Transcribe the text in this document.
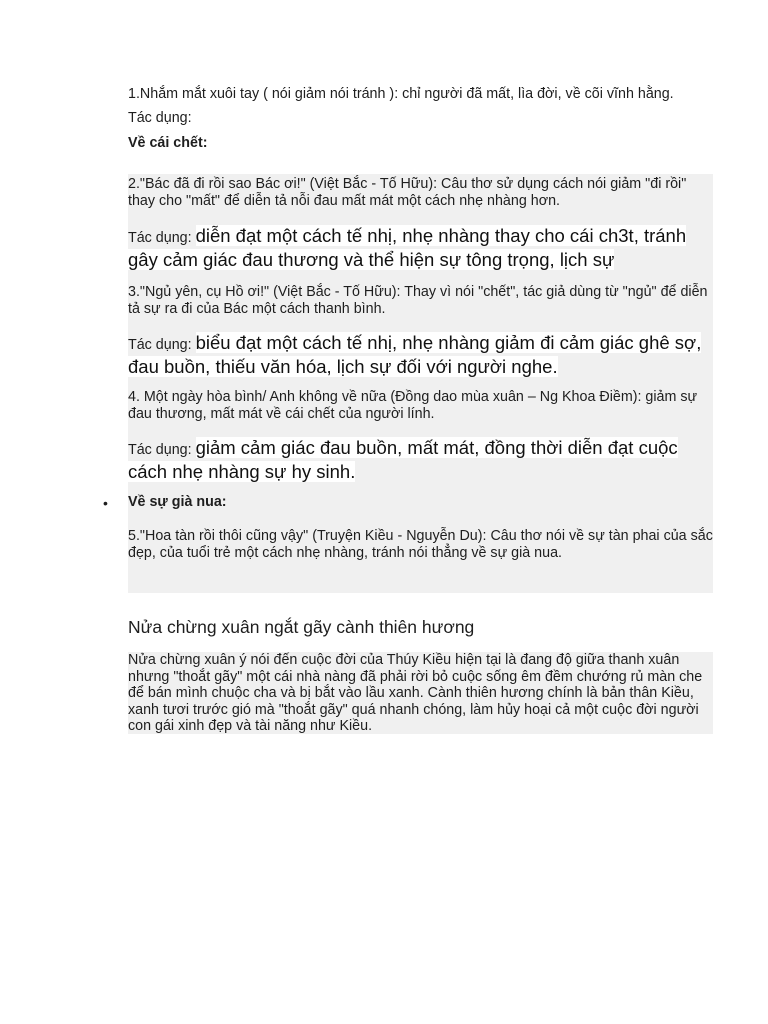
1.Nhắm mắt xuôi tay ( nói giảm nói tránh ): chỉ người đã mất, lìa đời, về cõi vĩnh hằng.

Tác dụng:

Về cái chết:

2."Bác đã đi rồi sao Bác ơi!" (Việt Bắc - Tố Hữu): Câu thơ sử dụng cách nói giảm "đi rồi" thay cho "mất" để diễn tả nỗi đau mất mát một cách nhẹ nhàng hơn.

Tác dụng: diễn đạt một cách tế nhị, nhẹ nhàng thay cho cái ch3t, tránh gây cảm giác đau thương và thể hiện sự tông trọng, lịch sự

3."Ngủ yên, cụ Hồ ơi!" (Việt Bắc - Tố Hữu): Thay vì nói "chết", tác giả dùng từ "ngủ" để diễn tả sự ra đi của Bác một cách thanh bình.

Tác dụng: biểu đạt một cách tế nhị, nhẹ nhàng giảm đi cảm giác ghê sợ, đau buồn, thiếu văn hóa, lịch sự đối với người nghe.

4. Một ngày hòa bình/ Anh không về nữa (Đồng dao mùa xuân – Ng Khoa Điềm): giảm sự đau thương, mất mát về cái chết của người lính.

Tác dụng: giảm cảm giác đau buồn, mất mát, đồng thời diễn đạt cuộc cách nhẹ nhàng sự hy sinh.

• Về sự già nua:

5."Hoa tàn rồi thôi cũng vậy" (Truyện Kiều - Nguyễn Du): Câu thơ nói về sự tàn phai của sắc đẹp, của tuổi trẻ một cách nhẹ nhàng, tránh nói thẳng về sự già nua.

Nửa chừng xuân ngắt gãy cành thiên hương

Nửa chừng xuân ý nói đến cuộc đời của Thúy Kiều hiện tại là đang độ giữa thanh xuân nhưng "thoắt gãy" một cái nhà nàng đã phải rời bỏ cuộc sống êm đềm chướng rủ màn che để bán mình chuộc cha và bị bắt vào lầu xanh. Cành thiên hương chính là bản thân Kiều, xanh tươi trước gió mà "thoắt gãy" quá nhanh chóng, làm hủy hoại cả một cuộc đời người con gái xinh đẹp và tài năng như Kiều.
